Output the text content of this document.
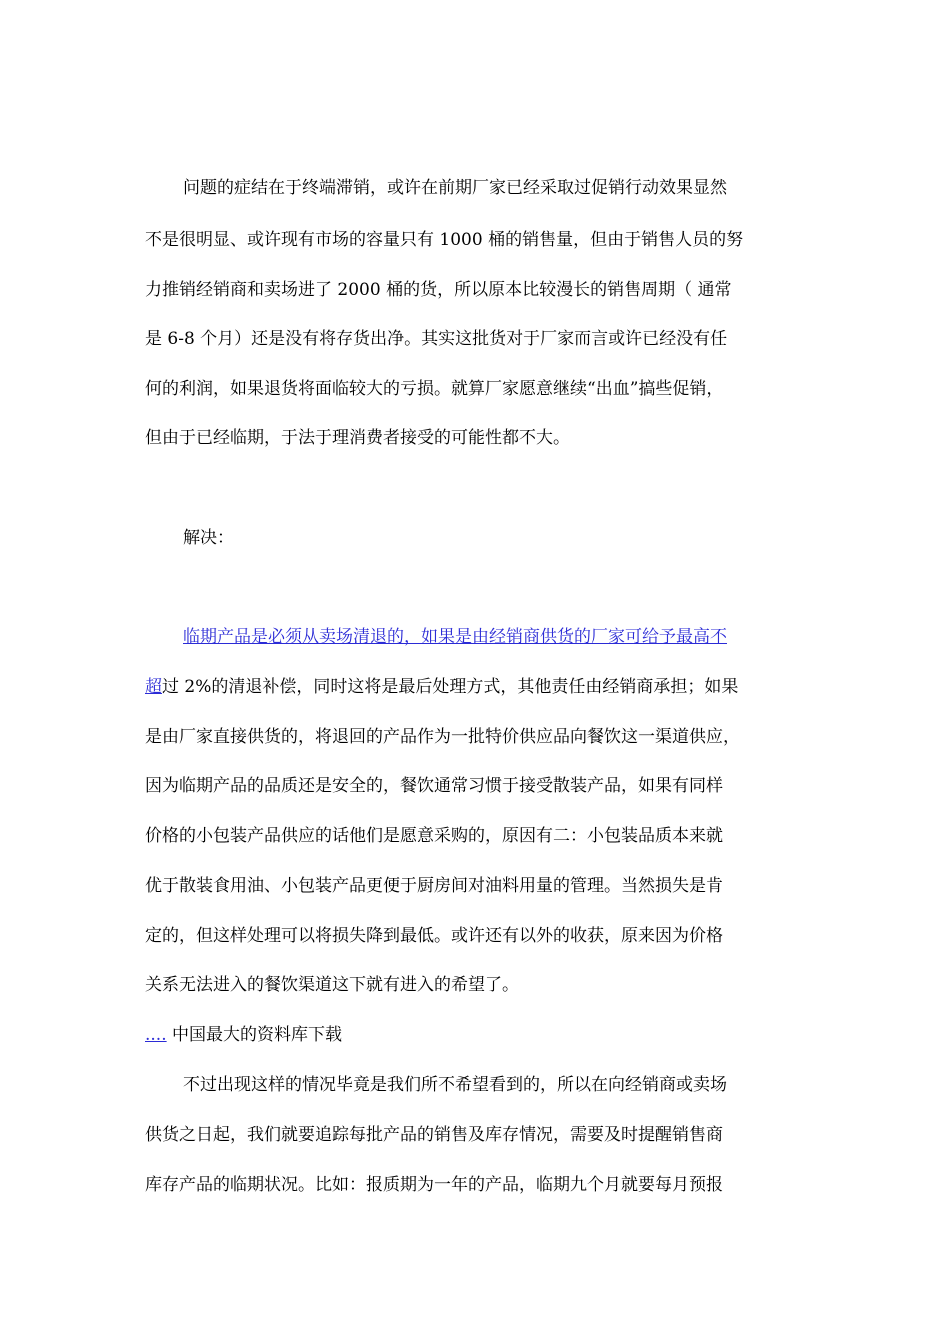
问题的症结在于终端滞销，或许在前期厂家已经采取过促销行动效果显然
不是很明显、或许现有市场的容量只有 1000 桶的销售量，但由于销售人员的努
力推销经销商和卖场进了 2000 桶的货，所以原本比较漫长的销售周期（ 通常
是 6-8 个月）还是没有将存货出净。其实这批货对于厂家而言或许已经没有任
何的利润，如果退货将面临较大的亏损。就算厂家愿意继续“出血”搞些促销，
但由于已经临期，于法于理消费者接受的可能性都不大。
解决：
临期产品是必须从卖场清退的，如果是由经销商供货的厂家可给予最高不
超过 2%的清退补偿，同时这将是最后处理方式，其他责任由经销商承担；如果
是由厂家直接供货的，将退回的产品作为一批特价供应品向餐饮这一渠道供应，
因为临期产品的品质还是安全的，餐饮通常习惯于接受散装产品，如果有同样
价格的小包装产品供应的话他们是愿意采购的，原因有二：小包装品质本来就
优于散装食用油、小包装产品更便于厨房间对油料用量的管理。当然损失是肯
定的，但这样处理可以将损失降到最低。或许还有以外的收获，原来因为价格
关系无法进入的餐饮渠道这下就有进入的希望了。
.... 中国最大的资料库下载
不过出现这样的情况毕竟是我们所不希望看到的，所以在向经销商或卖场
供货之日起，我们就要追踪每批产品的销售及库存情况，需要及时提醒销售商
库存产品的临期状况。比如：报质期为一年的产品，临期九个月就要每月预报
